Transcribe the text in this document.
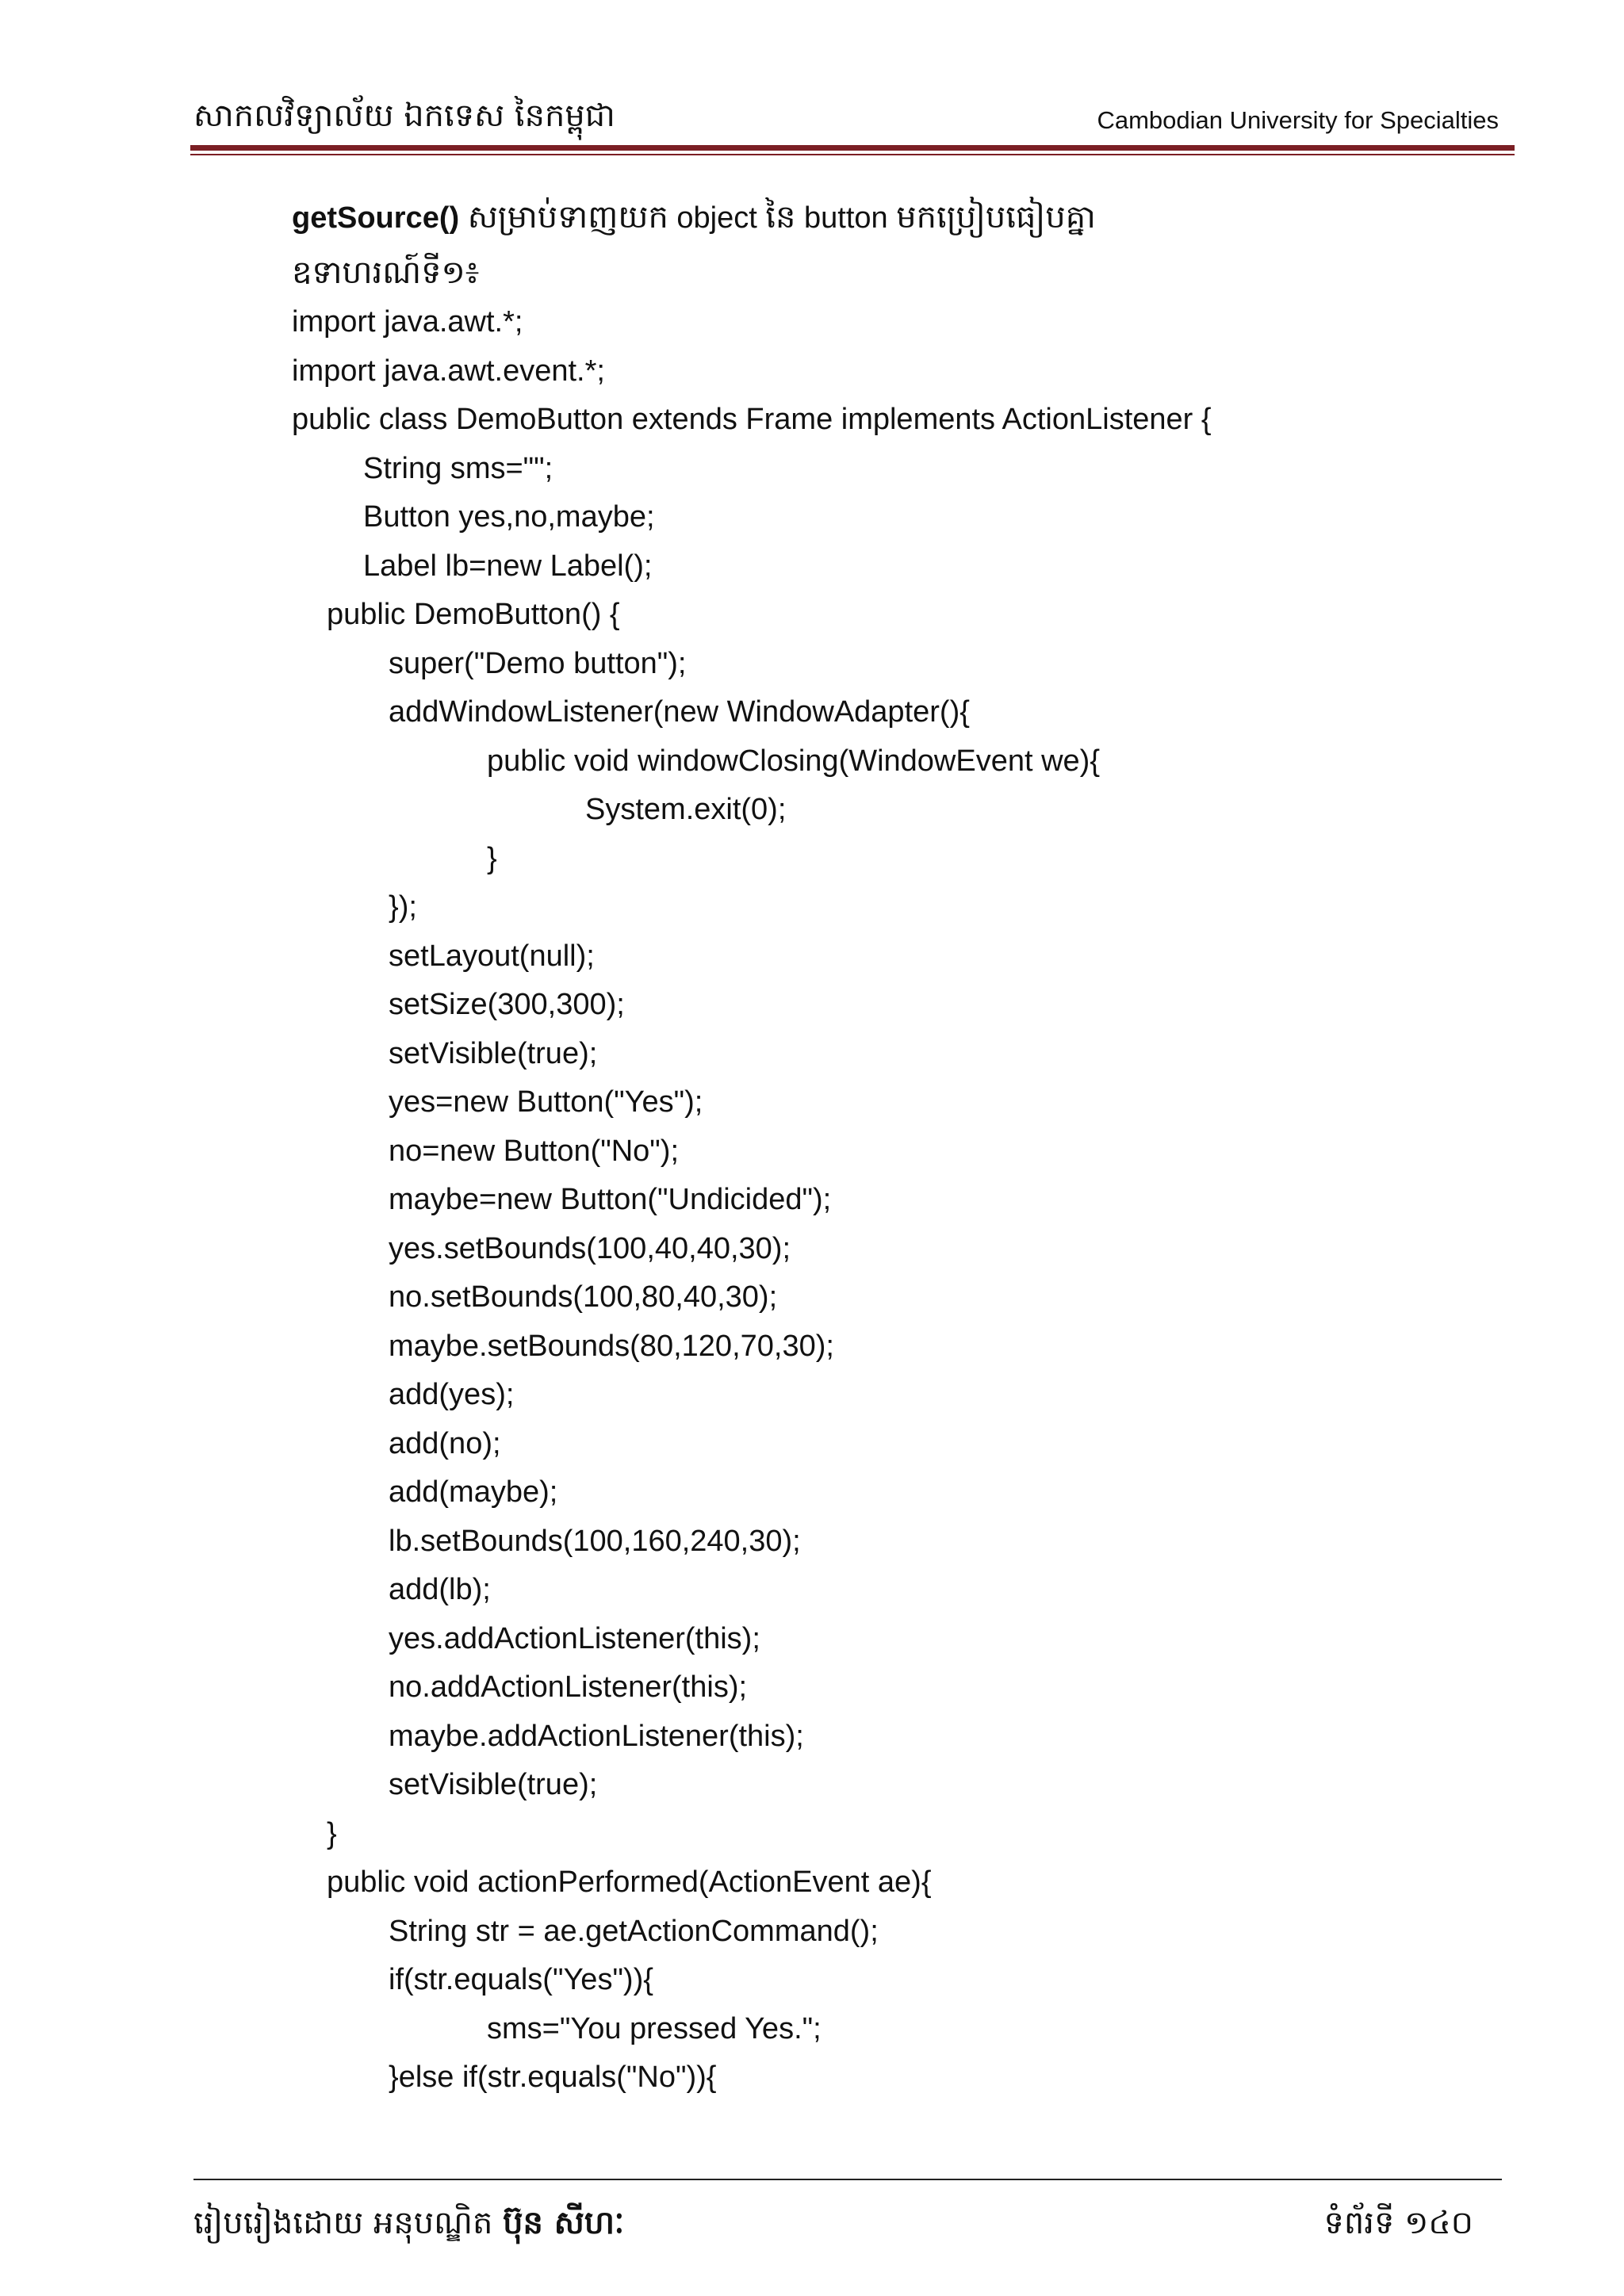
សាកលវិទ្យាល័យ ឯកទេស នៃកម្ពុជា	Cambodian University for Specialties
getSource() សម្រាប់ទាញយក object នៃ button មកប្រៀបធៀបគ្នា
ឧទាហរណ៍ទី១៖
import java.awt.*;
import java.awt.event.*;
public class DemoButton extends Frame implements ActionListener {
String sms="";
Button yes,no,maybe;
Label lb=new Label();
public DemoButton() {
super("Demo button");
addWindowListener(new WindowAdapter(){
public void windowClosing(WindowEvent we){
System.exit(0);
}
});
setLayout(null);
setSize(300,300);
setVisible(true);
yes=new Button("Yes");
no=new Button("No");
maybe=new Button("Undicided");
yes.setBounds(100,40,40,30);
no.setBounds(100,80,40,30);
maybe.setBounds(80,120,70,30);
add(yes);
add(no);
add(maybe);
lb.setBounds(100,160,240,30);
add(lb);
yes.addActionListener(this);
no.addActionListener(this);
maybe.addActionListener(this);
setVisible(true);
}
public void actionPerformed(ActionEvent ae){
String str = ae.getActionCommand();
if(str.equals("Yes")){
sms="You pressed Yes.";
}else if(str.equals("No")){
រៀបរៀងដោយ អនុបណ្ឌិត ប៊ុន សីហៈ	ទំព័រទី ១៤០
